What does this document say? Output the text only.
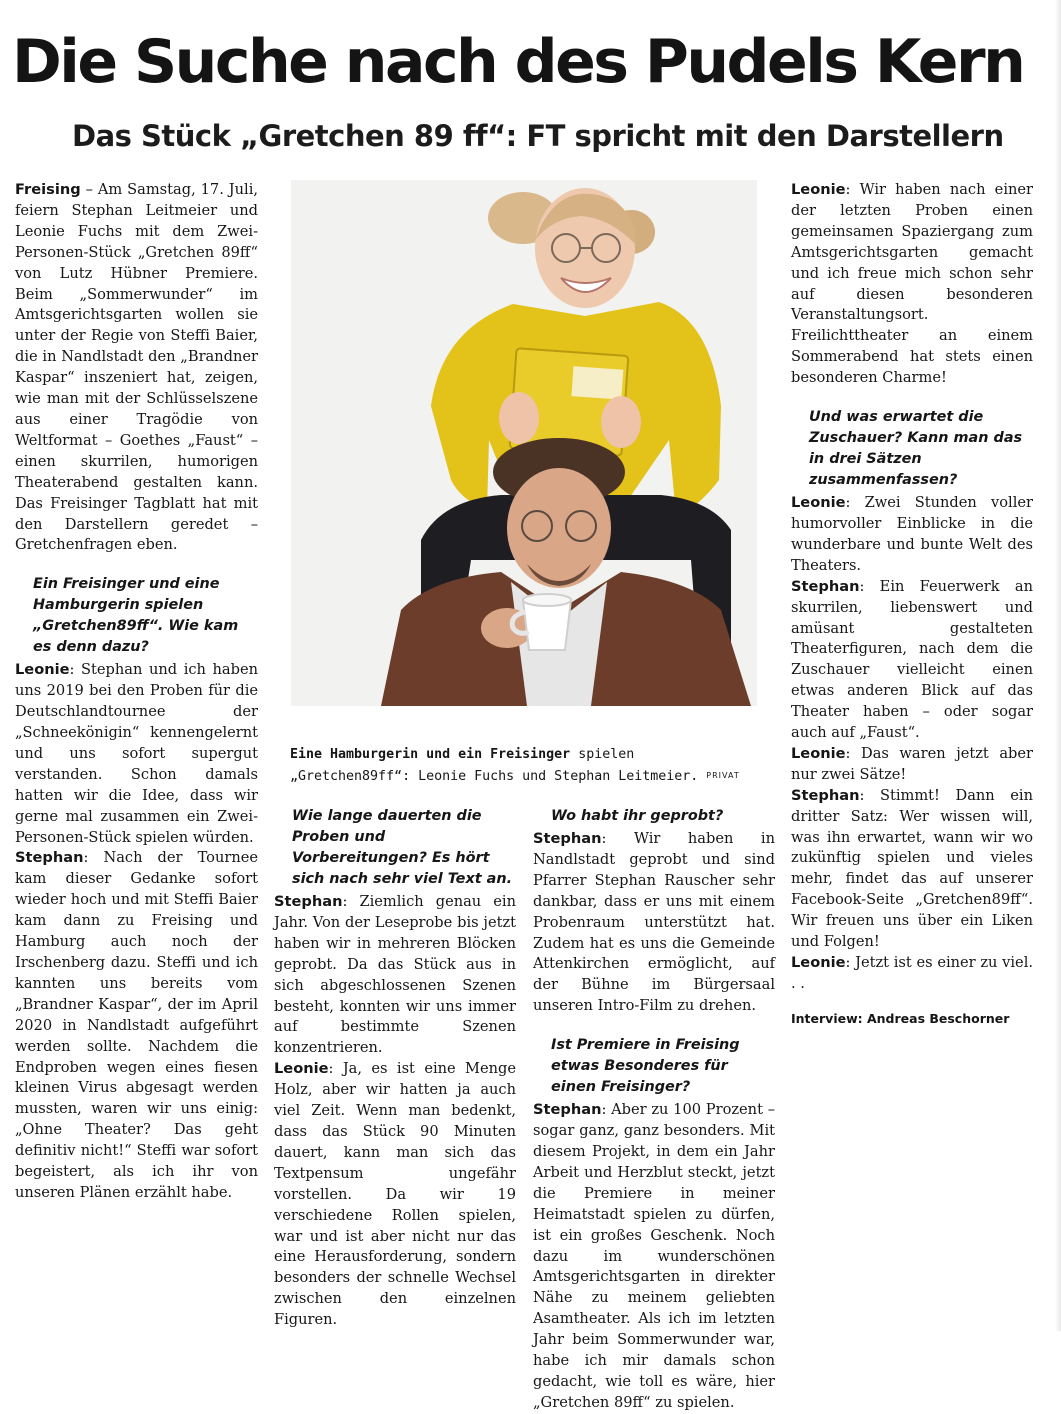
Die Suche nach des Pudels Kern
Das Stück „Gretchen 89 ff“: FT spricht mit den Darstellern

Freising – Am Samstag, 17. Juli, feiern Stephan Leitmeier und Leonie Fuchs mit dem Zwei-Personen-Stück „Gretchen 89ff“ von Lutz Hübner Premiere. Beim „Sommerwunder“ im Amtsgerichtsgarten wollen sie unter der Regie von Steffi Baier, die in Nandlstadt den „Brandner Kaspar“ inszeniert hat, zeigen, wie man mit der Schlüsselszene aus einer Tragödie von Weltformat – Goethes „Faust“ – einen skurrilen, humorigen Theaterabend gestalten kann. Das Freisinger Tagblatt hat mit den Darstellern geredet – Gretchenfragen eben.

Ein Freisinger und eine Hamburgerin spielen „Gretchen89ff“. Wie kam es denn dazu?

Leonie: Stephan und ich haben uns 2019 bei den Proben für die Deutschlandtournee der „Schneekönigin“ kennengelernt und uns sofort supergut verstanden. Schon damals hatten wir die Idee, dass wir gerne mal zusammen ein Zwei-Personen-Stück spielen würden.

Stephan: Nach der Tournee kam dieser Gedanke sofort wieder hoch und mit Steffi Baier kam dann zu Freising und Hamburg auch noch der Irschenberg dazu. Steffi und ich kannten uns bereits vom „Brandner Kaspar“, der im April 2020 in Nandlstadt aufgeführt werden sollte. Nachdem die Endproben wegen eines fiesen kleinen Virus abgesagt werden mussten, waren wir uns einig: „Ohne Theater? Das geht definitiv nicht!“ Steffi war sofort begeistert, als ich ihr von unseren Plänen erzählt habe.

Eine Hamburgerin und ein Freisinger spielen „Gretchen89ff“: Leonie Fuchs und Stephan Leitmeier. PRIVAT

Wie lange dauerten die Proben und Vorbereitungen? Es hört sich nach sehr viel Text an.

Stephan: Ziemlich genau ein Jahr. Von der Leseprobe bis jetzt haben wir in mehreren Blöcken geprobt. Da das Stück aus in sich abgeschlossenen Szenen besteht, konnten wir uns immer auf bestimmte Szenen konzentrieren.

Leonie: Ja, es ist eine Menge Holz, aber wir hatten ja auch viel Zeit. Wenn man bedenkt, dass das Stück 90 Minuten dauert, kann man sich das Textpensum ungefähr vorstellen. Da wir 19 verschiedene Rollen spielen, war und ist aber nicht nur das eine Herausforderung, sondern besonders der schnelle Wechsel zwischen den einzelnen Figuren.

Wo habt ihr geprobt?

Stephan: Wir haben in Nandlstadt geprobt und sind Pfarrer Stephan Rauscher sehr dankbar, dass er uns mit einem Probenraum unterstützt hat. Zudem hat es uns die Gemeinde Attenkirchen ermöglicht, auf der Bühne im Bürgersaal unseren Intro-Film zu drehen.

Ist Premiere in Freising etwas Besonderes für einen Freisinger?

Stephan: Aber zu 100 Prozent – sogar ganz, ganz besonders. Mit diesem Projekt, in dem ein Jahr Arbeit und Herzblut steckt, jetzt die Premiere in meiner Heimatstadt spielen zu dürfen, ist ein großes Geschenk. Noch dazu im wunderschönen Amtsgerichtsgarten in direkter Nähe zu meinem geliebten Asamtheater. Als ich im letzten Jahr beim Sommerwunder war, habe ich mir damals schon gedacht, wie toll es wäre, hier „Gretchen 89ff“ zu spielen.

Leonie: Wir haben nach einer der letzten Proben einen gemeinsamen Spaziergang zum Amtsgerichtsgarten gemacht und ich freue mich schon sehr auf diesen besonderen Veranstaltungsort. Freilichttheater an einem Sommerabend hat stets einen besonderen Charme!

Und was erwartet die Zuschauer? Kann man das in drei Sätzen zusammenfassen?

Leonie: Zwei Stunden voller humorvoller Einblicke in die wunderbare und bunte Welt des Theaters.

Stephan: Ein Feuerwerk an skurrilen, liebenswert und amüsant gestalteten Theaterfiguren, nach dem die Zuschauer vielleicht einen etwas anderen Blick auf das Theater haben – oder sogar auch auf „Faust“.

Leonie: Das waren jetzt aber nur zwei Sätze!

Stephan: Stimmt! Dann ein dritter Satz: Wer wissen will, was ihn erwartet, wann wir wo zukünftig spielen und vieles mehr, findet das auf unserer Facebook-Seite „Gretchen89ff“. Wir freuen uns über ein Liken und Folgen!

Leonie: Jetzt ist es einer zu viel. . .

Interview: Andreas Beschorner
